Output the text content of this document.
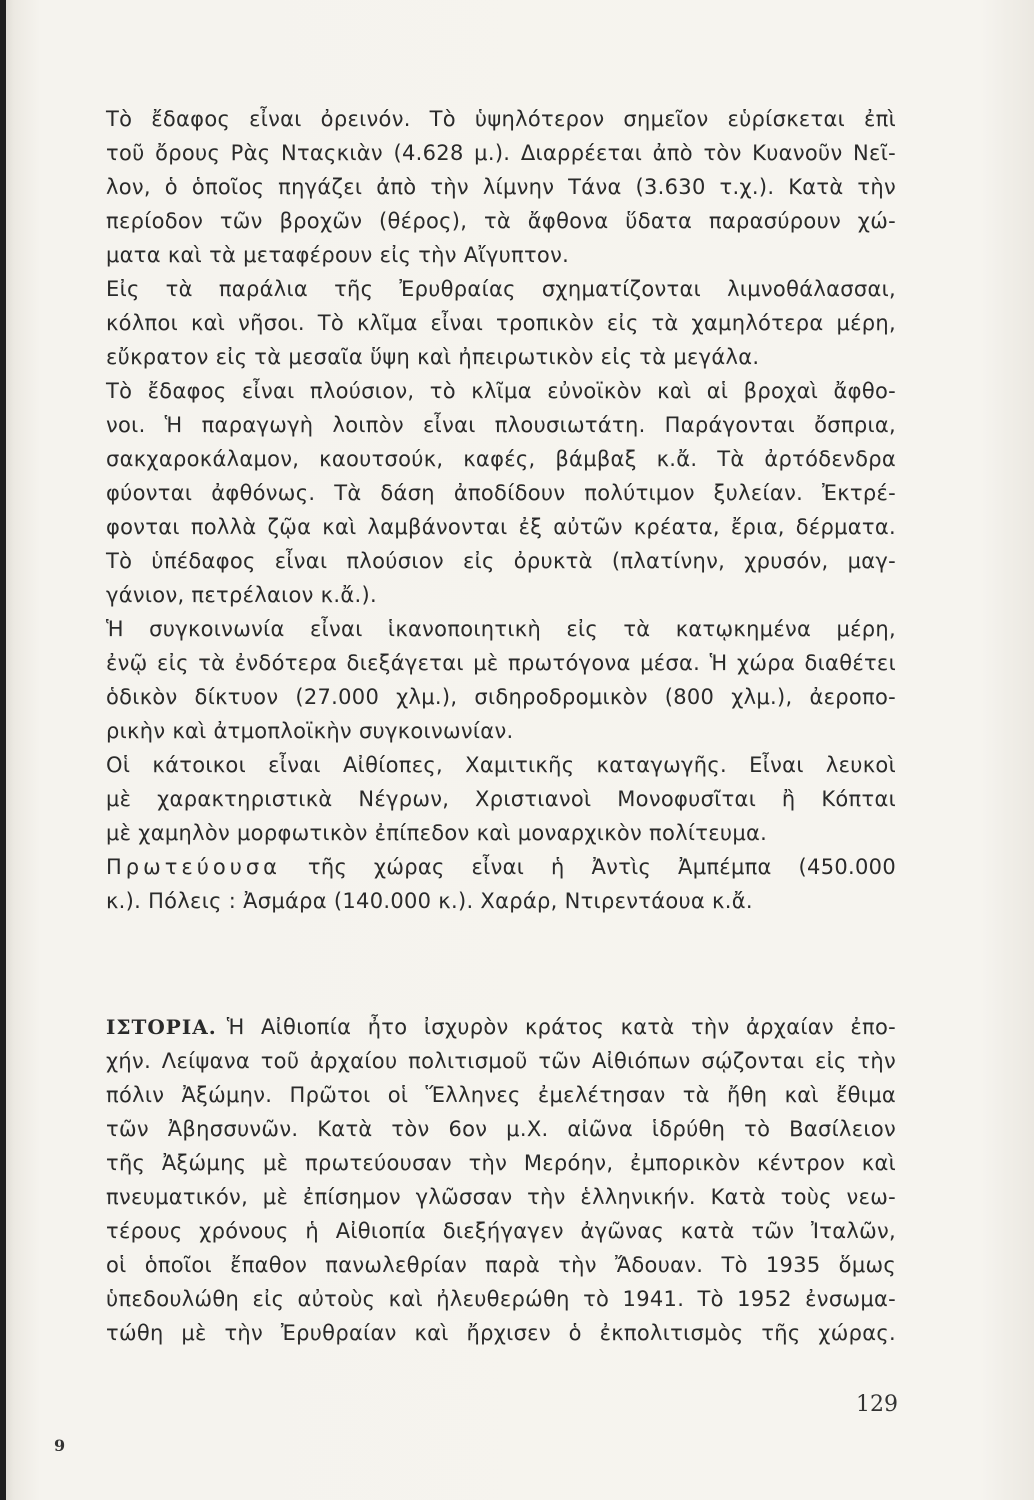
Τὸ ἔδαφος εἶναι ὀρεινόν. Τὸ ὑψηλότερον σημεῖον εὑρίσκεται ἐπὶ
τοῦ ὄρους Ρὰς Νταςκιὰν (4.628 μ.). Διαρρέεται ἀπὸ τὸν Κυανοῦν Νεῖ-
λον, ὁ ὁποῖος πηγάζει ἀπὸ τὴν λίμνην Τάνα (3.630 τ.χ.). Κατὰ τὴν
περίοδον τῶν βροχῶν (θέρος), τὰ ἄφθονα ὕδατα παρασύρουν χώ-
ματα καὶ τὰ μεταφέρουν εἰς τὴν Αἴγυπτον.
Εἰς τὰ παράλια τῆς Ἐρυθραίας σχηματίζονται λιμνοθάλασσαι,
κόλποι καὶ νῆσοι. Τὸ κλῖμα εἶναι τροπικὸν εἰς τὰ χαμηλότερα μέρη,
εὔκρατον εἰς τὰ μεσαῖα ὕψη καὶ ἠπειρωτικὸν εἰς τὰ μεγάλα.
Τὸ ἔδαφος εἶναι πλούσιον, τὸ κλῖμα εὐνοϊκὸν καὶ αἱ βροχαὶ ἄφθο-
νοι. Ἡ παραγωγὴ λοιπὸν εἶναι πλουσιωτάτη. Παράγονται ὄσπρια,
σακχαροκάλαμον, καουτσούκ, καφές, βάμβαξ κ.ἄ. Τὰ ἀρτόδενδρα
φύονται ἀφθόνως. Τὰ δάση ἀποδίδουν πολύτιμον ξυλείαν. Ἐκτρέ-
φονται πολλὰ ζῷα καὶ λαμβάνονται ἐξ αὐτῶν κρέατα, ἔρια, δέρματα.
Τὸ ὑπέδαφος εἶναι πλούσιον εἰς ὀρυκτὰ (πλατίνην, χρυσόν, μαγ-
γάνιον, πετρέλαιον κ.ἄ.).
Ἡ συγκοινωνία εἶναι ἱκανοποιητικὴ εἰς τὰ κατῳκημένα μέρη,
ἐνῷ εἰς τὰ ἐνδότερα διεξάγεται μὲ πρωτόγονα μέσα. Ἡ χώρα διαθέτει
ὁδικὸν δίκτυον (27.000 χλμ.), σιδηροδρομικὸν (800 χλμ.), ἀεροπο-
ρικὴν καὶ ἀτμοπλοϊκὴν συγκοινωνίαν.
Οἱ κάτοικοι εἶναι Αἰθίοπες, Χαμιτικῆς καταγωγῆς. Εἶναι λευκοὶ
μὲ χαρακτηριστικὰ Νέγρων, Χριστιανοὶ Μονοφυσῖται ἢ Κόπται
μὲ χαμηλὸν μορφωτικὸν ἐπίπεδον καὶ μοναρχικὸν πολίτευμα.
Πρωτεύουσα τῆς χώρας εἶναι ἡ Ἀντὶς Ἀμπέμπα (450.000
κ.). Πόλεις : Ἀσμάρα (140.000 κ.). Χαράρ, Ντιρεντάουα κ.ἄ.
ΙΣΤΟΡΙΑ. Ἡ Αἰθιοπία ἦτο ἰσχυρὸν κράτος κατὰ τὴν ἀρχαίαν ἐπο-
χήν. Λείψανα τοῦ ἀρχαίου πολιτισμοῦ τῶν Αἰθιόπων σῴζονται εἰς τὴν
πόλιν Ἀξώμην. Πρῶτοι οἱ Ἕλληνες ἐμελέτησαν τὰ ἤθη καὶ ἔθιμα
τῶν Ἀβησσυνῶν. Κατὰ τὸν 6ον μ.Χ. αἰῶνα ἱδρύθη τὸ Βασίλειον
τῆς Ἀξώμης μὲ πρωτεύουσαν τὴν Μερόην, ἐμπορικὸν κέντρον καὶ
πνευματικόν, μὲ ἐπίσημον γλῶσσαν τὴν ἑλληνικήν. Κατὰ τοὺς νεω-
τέρους χρόνους ἡ Αἰθιοπία διεξήγαγεν ἀγῶνας κατὰ τῶν Ἰταλῶν,
οἱ ὁποῖοι ἔπαθον πανωλεθρίαν παρὰ τὴν Ἄδουαν. Τὸ 1935 ὅμως
ὑπεδουλώθη εἰς αὐτοὺς καὶ ἠλευθερώθη τὸ 1941. Τὸ 1952 ἐνσωμα-
τώθη μὲ τὴν Ἐρυθραίαν καὶ ἤρχισεν ὁ ἐκπολιτισμὸς τῆς χώρας.
129
9
